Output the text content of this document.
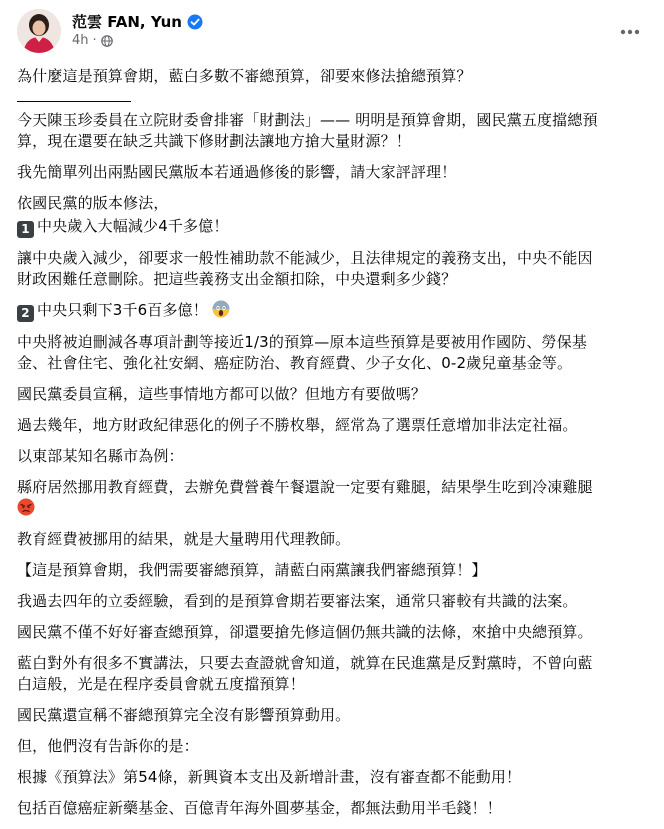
范雲 FAN, Yun
4h ·

為什麼這是預算會期，藍白多數不審總預算，卻要來修法搶總預算？

今天陳玉珍委員在立院財委會排審「財劃法」—— 明明是預算會期，國民黨五度擋總預
算，現在還要在缺乏共識下修財劃法讓地方搶大量財源？！

我先簡單列出兩點國民黨版本若通過修後的影響，請大家評評理！

依國民黨的版本修法，

1 中央歲入大幅減少4千多億！

讓中央歲入減少，卻要求一般性補助款不能減少，且法律規定的義務支出，中央不能因
財政困難任意刪除。把這些義務支出金額扣除，中央還剩多少錢？

2 中央只剩下3千6百多億！

中央將被迫刪減各專項計劃等接近1/3的預算—原本這些預算是要被用作國防、勞保基
金、社會住宅、強化社安網、癌症防治、教育經費、少子女化、0-2歲兒童基金等。

國民黨委員宣稱，這些事情地方都可以做？但地方有要做嗎？

過去幾年，地方財政紀律惡化的例子不勝枚舉，經常為了選票任意增加非法定社福。

以東部某知名縣市為例：

縣府居然挪用教育經費，去辦免費營養午餐還說一定要有雞腿，結果學生吃到冷凍雞腿

教育經費被挪用的結果，就是大量聘用代理教師。

【這是預算會期，我們需要審總預算，請藍白兩黨讓我們審總預算！】

我過去四年的立委經驗，看到的是預算會期若要審法案，通常只審較有共識的法案。

國民黨不僅不好好審查總預算，卻還要搶先修這個仍無共識的法條，來搶中央總預算。

藍白對外有很多不實講法，只要去查證就會知道，就算在民進黨是反對黨時，不曾向藍
白這般，光是在程序委員會就五度擋預算！

國民黨還宣稱不審總預算完全沒有影響預算動用。

但，他們沒有告訴你的是：

根據《預算法》第54條，新興資本支出及新增計畫，沒有審查都不能動用！

包括百億癌症新藥基金、百億青年海外圓夢基金，都無法動用半毛錢！！
